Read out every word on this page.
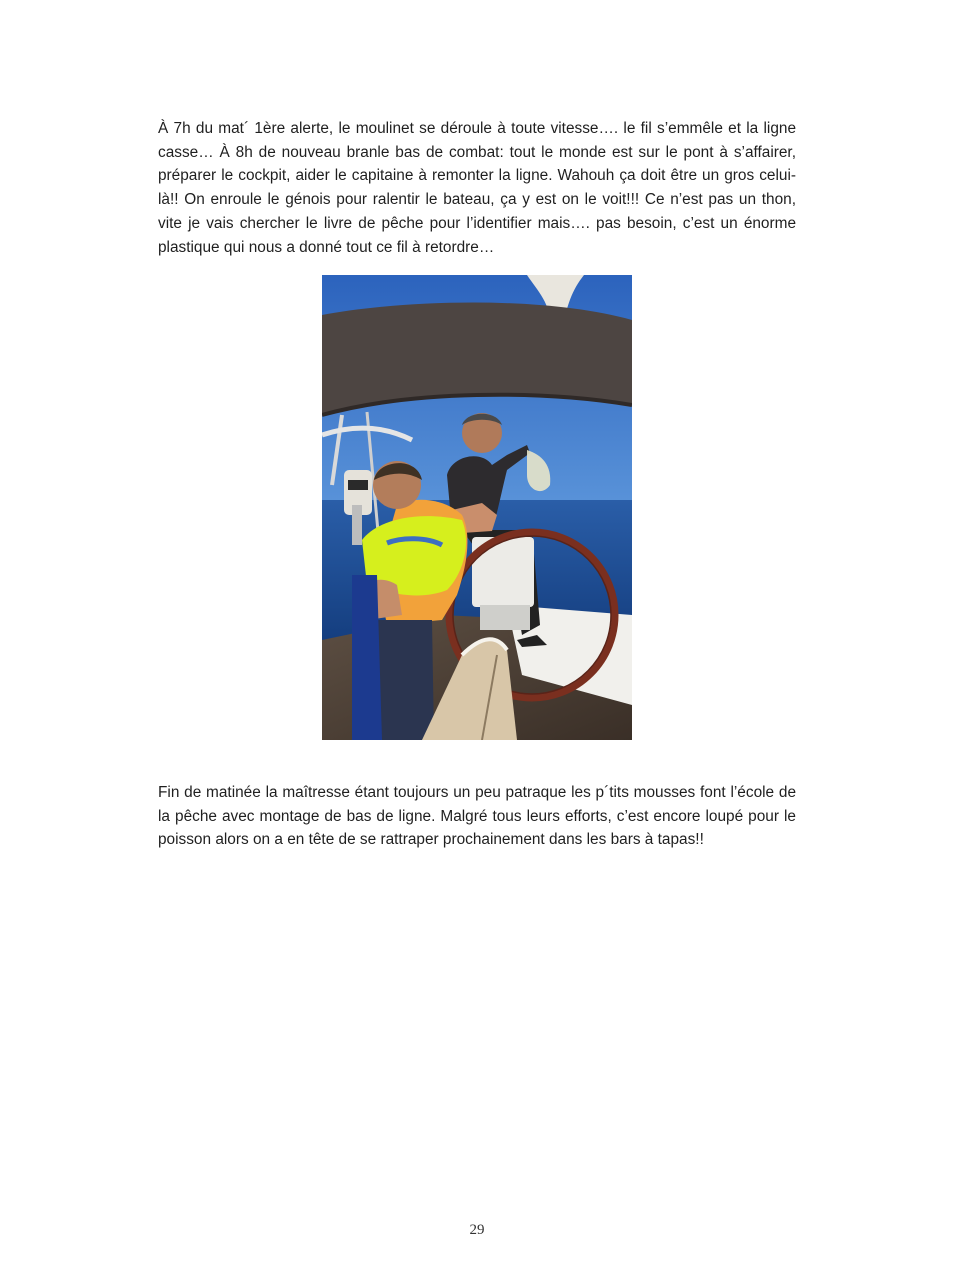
À 7h du mat´ 1ère alerte, le moulinet se déroule à toute vitesse…. le fil s’emmêle et la ligne casse… À 8h de nouveau branle bas de combat: tout le monde est sur le pont à s’affairer, préparer le cockpit, aider le capitaine à remonter la ligne. Wahouh ça doit être un gros celui-là!! On enroule le génois pour ralentir le bateau, ça y est on le voit!!! Ce n’est pas un thon, vite je vais chercher le livre de pêche pour l’identifier mais…. pas besoin, c’est un énorme plastique qui nous a donné tout ce fil à retordre…

Fin de matinée la maîtresse étant toujours un peu patraque les p´tits mousses font l’école de la pêche avec montage de bas de ligne. Malgré tous leurs efforts, c’est encore loupé pour le poisson alors on a en tête de se rattraper prochainement dans les bars à tapas!!

29
